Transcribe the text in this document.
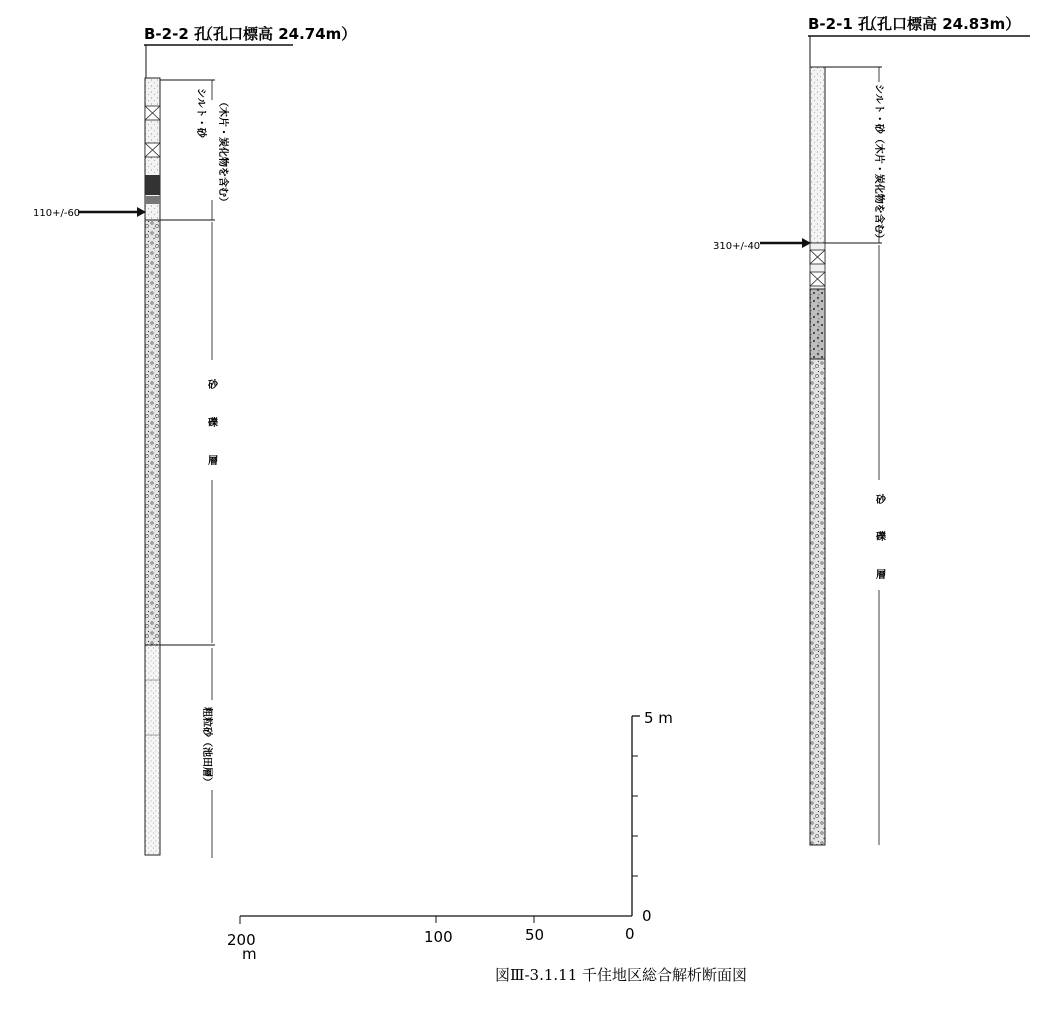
B-2-2 孔
（孔口標高 24.74m）
シルト・砂 （木片・炭化物を含む）
砂
礫
層
粗粒砂（池田層）
110+/-60
B-2-1 孔
（孔口標高 24.83m）
シルト・砂（木片・炭化物を含む）
砂
礫
層
310+/-40
5 m
0
200	100	50	0
m
図Ⅲ-3.1.11 千住地区総合解析断面図
